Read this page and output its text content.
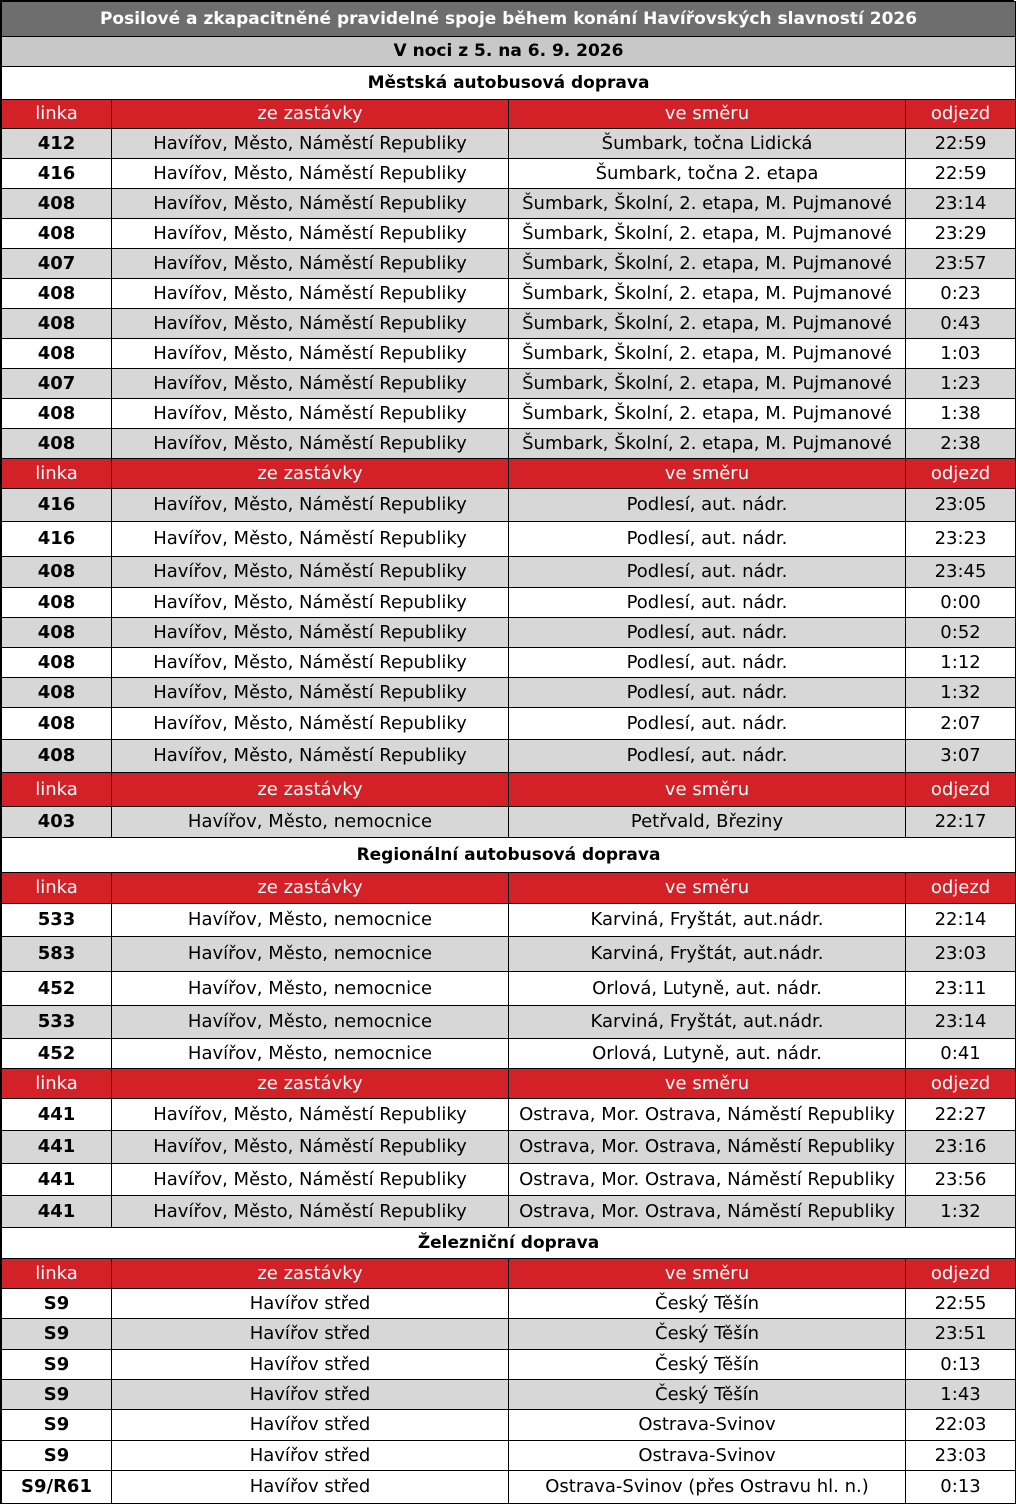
Posilové a zkapacitněné pravidelné spoje během konání Havířovských slavností 2026			
V noci z 5. na 6. 9. 2026			
Městská autobusová doprava			
linka	ze zastávky	ve směru	odjezd
412	Havířov, Město, Náměstí Republiky	Šumbark, točna Lidická	22:59
416	Havířov, Město, Náměstí Republiky	Šumbark, točna 2. etapa	22:59
408	Havířov, Město, Náměstí Republiky	Šumbark, Školní, 2. etapa, M. Pujmanové	23:14
408	Havířov, Město, Náměstí Republiky	Šumbark, Školní, 2. etapa, M. Pujmanové	23:29
407	Havířov, Město, Náměstí Republiky	Šumbark, Školní, 2. etapa, M. Pujmanové	23:57
408	Havířov, Město, Náměstí Republiky	Šumbark, Školní, 2. etapa, M. Pujmanové	0:23
408	Havířov, Město, Náměstí Republiky	Šumbark, Školní, 2. etapa, M. Pujmanové	0:43
408	Havířov, Město, Náměstí Republiky	Šumbark, Školní, 2. etapa, M. Pujmanové	1:03
407	Havířov, Město, Náměstí Republiky	Šumbark, Školní, 2. etapa, M. Pujmanové	1:23
408	Havířov, Město, Náměstí Republiky	Šumbark, Školní, 2. etapa, M. Pujmanové	1:38
408	Havířov, Město, Náměstí Republiky	Šumbark, Školní, 2. etapa, M. Pujmanové	2:38
linka	ze zastávky	ve směru	odjezd
416	Havířov, Město, Náměstí Republiky	Podlesí, aut. nádr.	23:05
416	Havířov, Město, Náměstí Republiky	Podlesí, aut. nádr.	23:23
408	Havířov, Město, Náměstí Republiky	Podlesí, aut. nádr.	23:45
408	Havířov, Město, Náměstí Republiky	Podlesí, aut. nádr.	0:00
408	Havířov, Město, Náměstí Republiky	Podlesí, aut. nádr.	0:52
408	Havířov, Město, Náměstí Republiky	Podlesí, aut. nádr.	1:12
408	Havířov, Město, Náměstí Republiky	Podlesí, aut. nádr.	1:32
408	Havířov, Město, Náměstí Republiky	Podlesí, aut. nádr.	2:07
408	Havířov, Město, Náměstí Republiky	Podlesí, aut. nádr.	3:07
linka	ze zastávky	ve směru	odjezd
403	Havířov, Město, nemocnice	Petřvald, Březiny	22:17
Regionální autobusová doprava			
linka	ze zastávky	ve směru	odjezd
533	Havířov, Město, nemocnice	Karviná, Fryštát, aut.nádr.	22:14
583	Havířov, Město, nemocnice	Karviná, Fryštát, aut.nádr.	23:03
452	Havířov, Město, nemocnice	Orlová, Lutyně, aut. nádr.	23:11
533	Havířov, Město, nemocnice	Karviná, Fryštát, aut.nádr.	23:14
452	Havířov, Město, nemocnice	Orlová, Lutyně, aut. nádr.	0:41
linka	ze zastávky	ve směru	odjezd
441	Havířov, Město, Náměstí Republiky	Ostrava, Mor. Ostrava, Náměstí Republiky	22:27
441	Havířov, Město, Náměstí Republiky	Ostrava, Mor. Ostrava, Náměstí Republiky	23:16
441	Havířov, Město, Náměstí Republiky	Ostrava, Mor. Ostrava, Náměstí Republiky	23:56
441	Havířov, Město, Náměstí Republiky	Ostrava, Mor. Ostrava, Náměstí Republiky	1:32
Železniční doprava			
linka	ze zastávky	ve směru	odjezd
S9	Havířov střed	Český Těšín	22:55
S9	Havířov střed	Český Těšín	23:51
S9	Havířov střed	Český Těšín	0:13
S9	Havířov střed	Český Těšín	1:43
S9	Havířov střed	Ostrava-Svinov	22:03
S9	Havířov střed	Ostrava-Svinov	23:03
S9/R61	Havířov střed	Ostrava-Svinov (přes Ostravu hl. n.)	0:13
